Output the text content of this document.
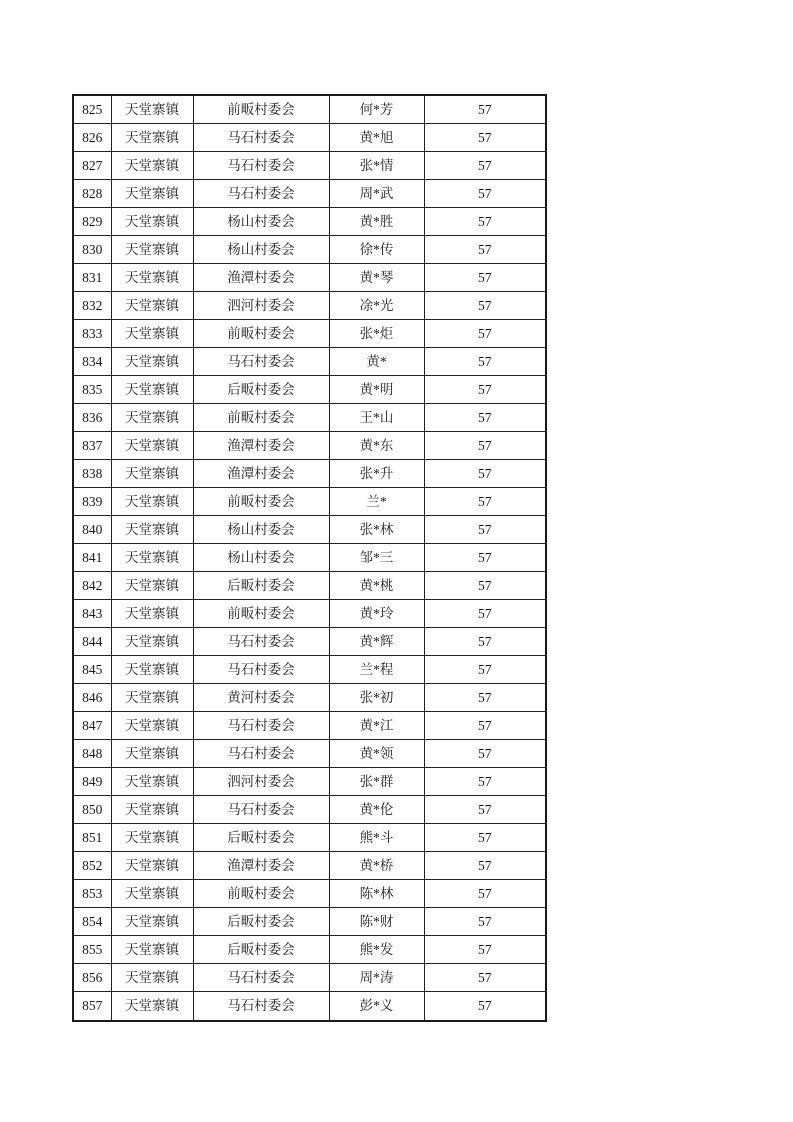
825	天堂寨镇	前畈村委会	何*芳	57
826	天堂寨镇	马石村委会	黄*旭	57
827	天堂寨镇	马石村委会	张*情	57
828	天堂寨镇	马石村委会	周*武	57
829	天堂寨镇	杨山村委会	黄*胜	57
830	天堂寨镇	杨山村委会	徐*传	57
831	天堂寨镇	渔潭村委会	黄*琴	57
832	天堂寨镇	泗河村委会	凃*光	57
833	天堂寨镇	前畈村委会	张*炬	57
834	天堂寨镇	马石村委会	黄*	57
835	天堂寨镇	后畈村委会	黄*明	57
836	天堂寨镇	前畈村委会	王*山	57
837	天堂寨镇	渔潭村委会	黄*东	57
838	天堂寨镇	渔潭村委会	张*升	57
839	天堂寨镇	前畈村委会	兰*	57
840	天堂寨镇	杨山村委会	张*林	57
841	天堂寨镇	杨山村委会	邹*三	57
842	天堂寨镇	后畈村委会	黄*桃	57
843	天堂寨镇	前畈村委会	黄*玲	57
844	天堂寨镇	马石村委会	黄*辉	57
845	天堂寨镇	马石村委会	兰*程	57
846	天堂寨镇	黄河村委会	张*初	57
847	天堂寨镇	马石村委会	黄*江	57
848	天堂寨镇	马石村委会	黄*领	57
849	天堂寨镇	泗河村委会	张*群	57
850	天堂寨镇	马石村委会	黄*伦	57
851	天堂寨镇	后畈村委会	熊*斗	57
852	天堂寨镇	渔潭村委会	黄*桥	57
853	天堂寨镇	前畈村委会	陈*林	57
854	天堂寨镇	后畈村委会	陈*财	57
855	天堂寨镇	后畈村委会	熊*发	57
856	天堂寨镇	马石村委会	周*涛	57
857	天堂寨镇	马石村委会	彭*义	57
